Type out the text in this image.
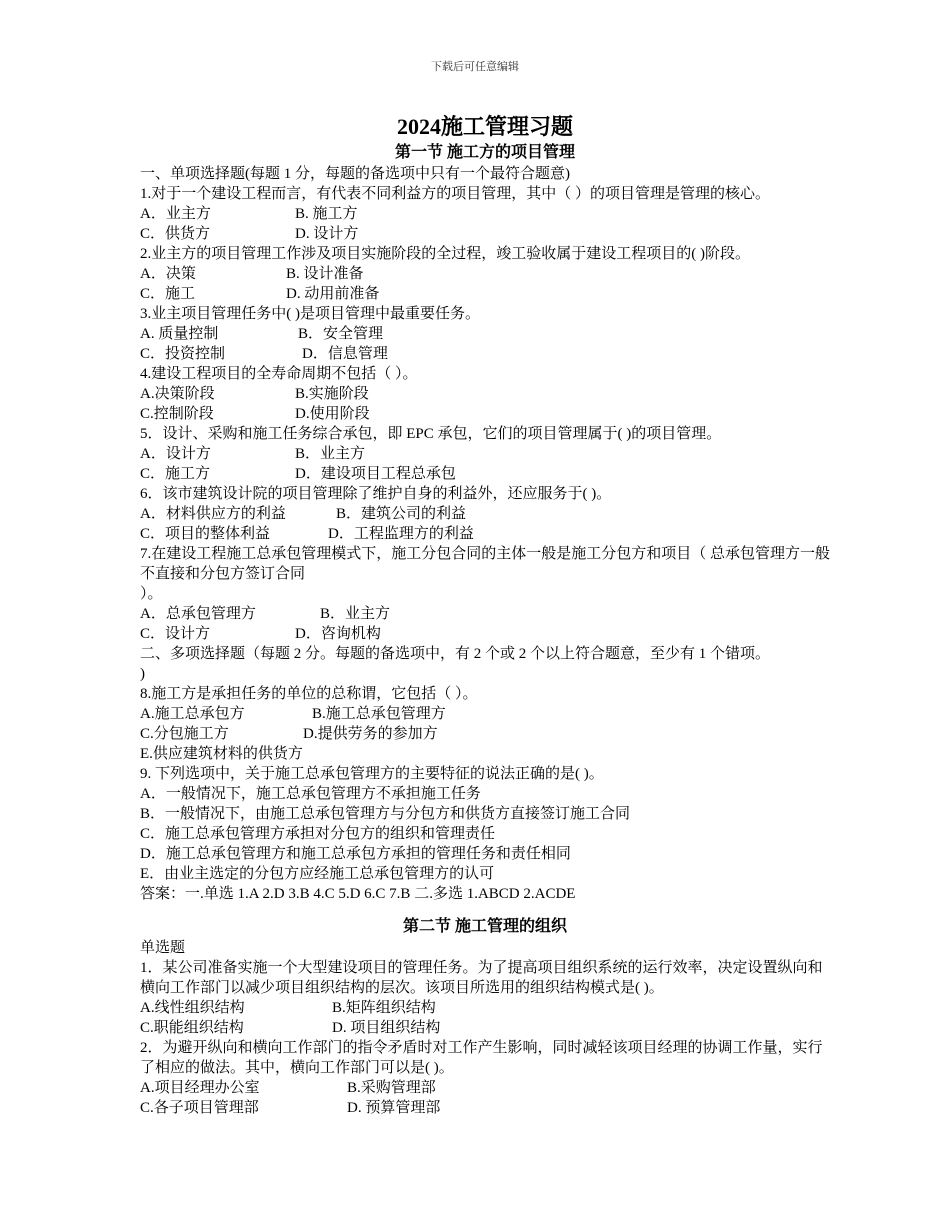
下载后可任意编辑
2024施工管理习题
第一节 施工方的项目管理
一、单项选择题(每题 1 分，每题的备选项中只有一个最符合题意)
1.对于一个建设工程而言，有代表不同利益方的项目管理，其中（ ）的项目管理是管理的核心。
A．业主方	B. 施工方
C．供货方	D. 设计方
2.业主方的项目管理工作涉及项目实施阶段的全过程，竣工验收属于建设工程项目的( )阶段。
A．决策	B. 设计准备
C．施工	D. 动用前准备
3.业主项目管理任务中( )是项目管理中最重要任务。
A. 质量控制	B．安全管理
C．投资控制	D．信息管理
4.建设工程项目的全寿命周期不包括（ ）。
A.决策阶段	B.实施阶段
C.控制阶段	D.使用阶段
5．设计、采购和施工任务综合承包，即 EPC 承包，它们的项目管理属于( )的项目管理。
A．设计方	B．业主方
C．施工方	D．建设项目工程总承包
6．该市建筑设计院的项目管理除了维护自身的利益外，还应服务于( )。
A．材料供应方的利益	B．建筑公司的利益
C．项目的整体利益	D．工程监理方的利益
7.在建设工程施工总承包管理模式下，施工分包合同的主体一般是施工分包方和项目（ 总承包管理方一般不直接和分包方签订合同
）。
A．总承包管理方	B．业主方
C．设计方	D．咨询机构
二、多项选择题（每题 2 分。每题的备选项中，有 2 个或 2 个以上符合题意，至少有 1 个错项。
)
8.施工方是承担任务的单位的总称谓，它包括（ ）。
A.施工总承包方	B.施工总承包管理方
C.分包施工方	D.提供劳务的参加方
E.供应建筑材料的供货方
9. 下列选项中，关于施工总承包管理方的主要特征的说法正确的是( )。
A．一般情况下，施工总承包管理方不承担施工任务
B．一般情况下，由施工总承包管理方与分包方和供货方直接签订施工合同
C．施工总承包管理方承担对分包方的组织和管理责任
D．施工总承包管理方和施工总承包方承担的管理任务和责任相同
E．由业主选定的分包方应经施工总承包管理方的认可
答案：一.单选 1.A 2.D 3.B 4.C 5.D 6.C 7.B 二.多选 1.ABCD 2.ACDE
第二节 施工管理的组织
单选题
1．某公司准备实施一个大型建设项目的管理任务。为了提高项目组织系统的运行效率，决定设置纵向和横向工作部门以减少项目组织结构的层次。该项目所选用的组织结构模式是( )。
A.线性组织结构	B.矩阵组织结构
C.职能组织结构	D. 项目组织结构
2．为避开纵向和横向工作部门的指令矛盾时对工作产生影响，同时减轻该项目经理的协调工作量，实行了相应的做法。其中，横向工作部门可以是( )。
A.项目经理办公室	B.采购管理部
C.各子项目管理部	D. 预算管理部
